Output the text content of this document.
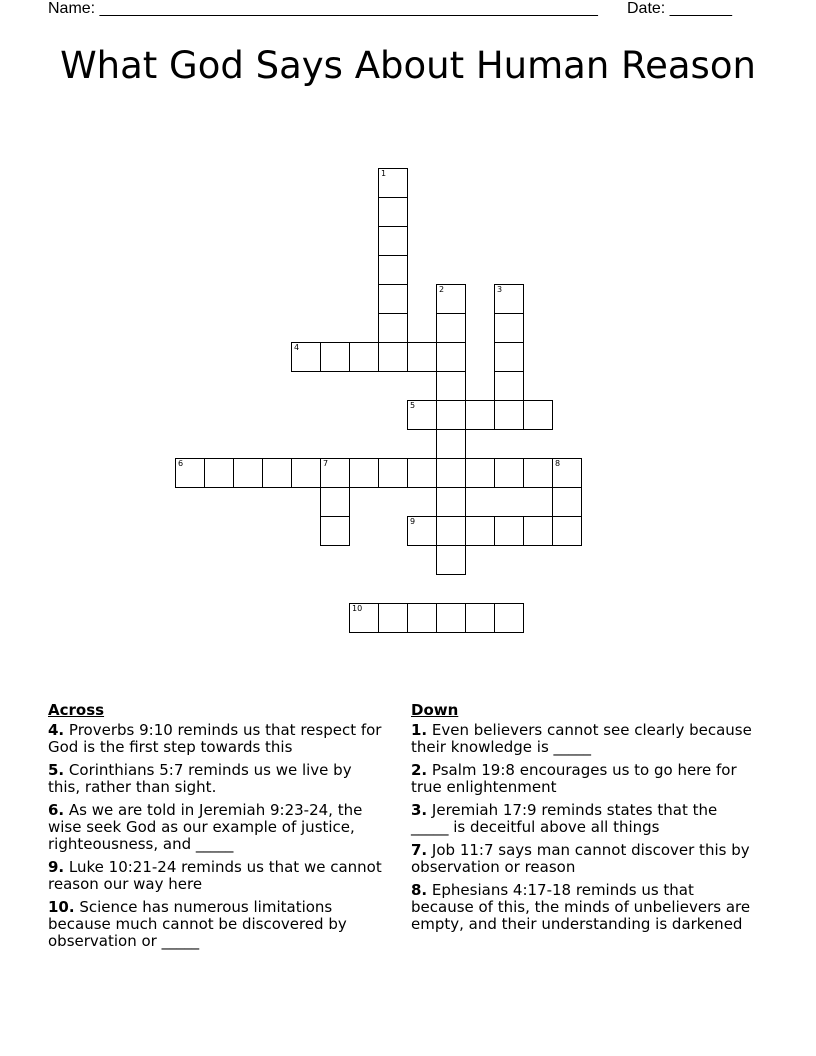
Name: ________________________________________________________ Date: _______
What God Says About Human Reason
1
2	3
4
5
6	7	8
9
10
Across
4. Proverbs 9:10 reminds us that respect for God is the first step towards this
5. Corinthians 5:7 reminds us we live by this, rather than sight.
6. As we are told in Jeremiah 9:23-24, the wise seek God as our example of justice, righteousness, and _____
9. Luke 10:21-24 reminds us that we cannot reason our way here
10. Science has numerous limitations because much cannot be discovered by observation or _____
Down
1. Even believers cannot see clearly because their knowledge is _____
2. Psalm 19:8 encourages us to go here for true enlightenment
3. Jeremiah 17:9 reminds states that the _____ is deceitful above all things
7. Job 11:7 says man cannot discover this by observation or reason
8. Ephesians 4:17-18 reminds us that because of this, the minds of unbelievers are empty, and their understanding is darkened
